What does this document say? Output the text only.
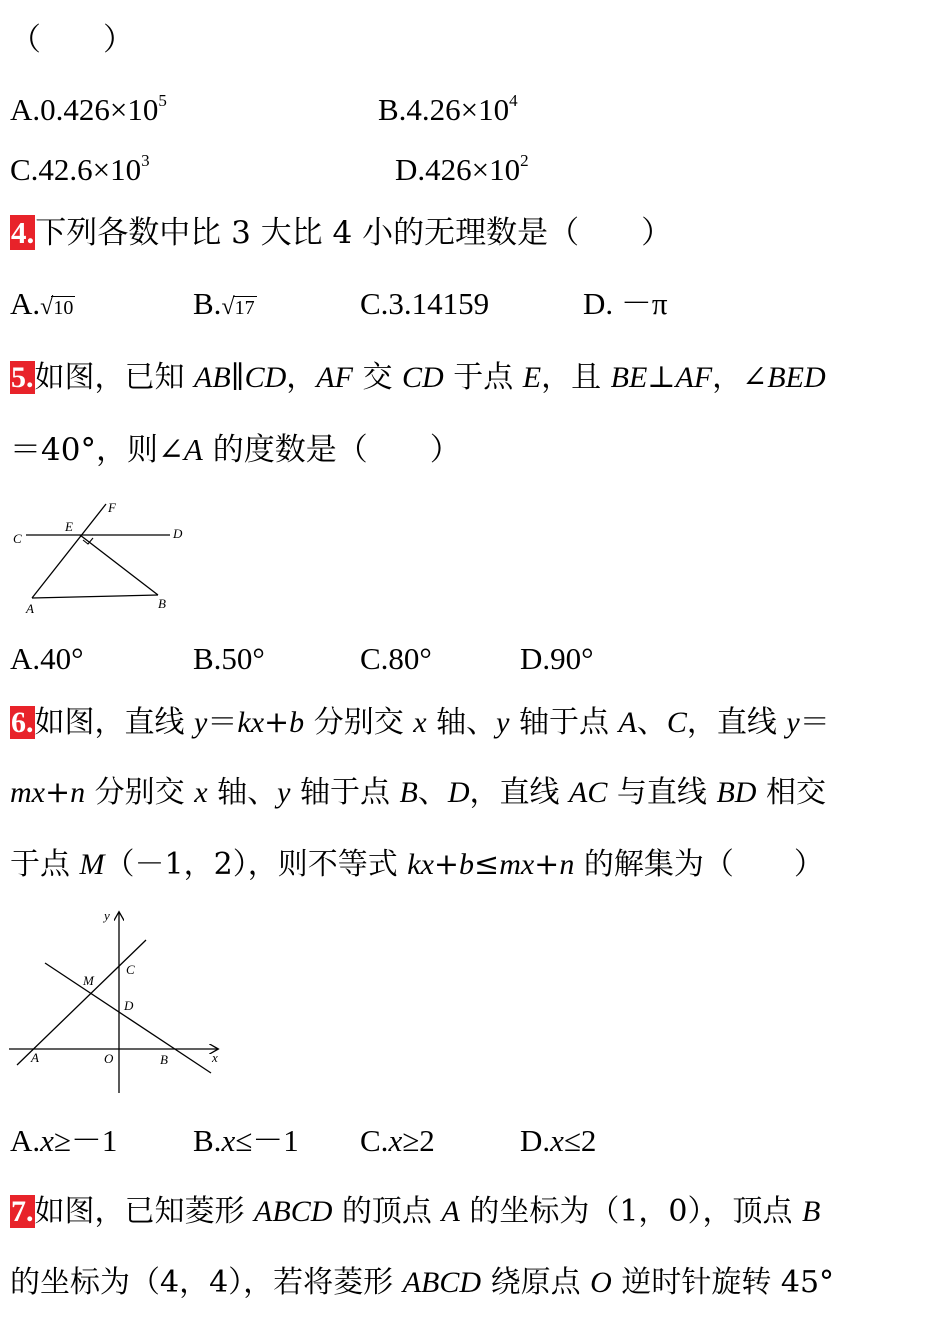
（　　）
$A.0.426\times 10^5$	$B.4.26\times 10^4$
$C.42.6\times 10^3$	$D.426\times 10^2$
4.下列各数中比 3 大比 4 小的无理数是（　　）
A.√10	B.√17	C.3.14159	D. －π
5.如图，已知 AB∥CD，AF 交 CD 于点 E，且 BE⊥AF，∠BED
＝40°，则∠A 的度数是（　　）
C
E
F
D
A	B
A.40°	B.50°	C.80°	D.90°
6.如图，直线 y＝kx+b 分别交 x 轴、y 轴于点 A、C，直线 y＝
mx+n 分别交 x 轴、y 轴于点 B、D，直线 AC 与直线 BD 相交
于点 M（－1，2），则不等式 kx+b≤mx+n 的解集为（　　）
y
x
C
M
D
A	O	B
A.x≥－1 B.x≤－1 C.x≥2	D.x≤2
7.如图，已知菱形 ABCD 的顶点 A 的坐标为（1，0），顶点 B
的坐标为（4，4），若将菱形 ABCD 绕原点 O 逆时针旋转 45°
